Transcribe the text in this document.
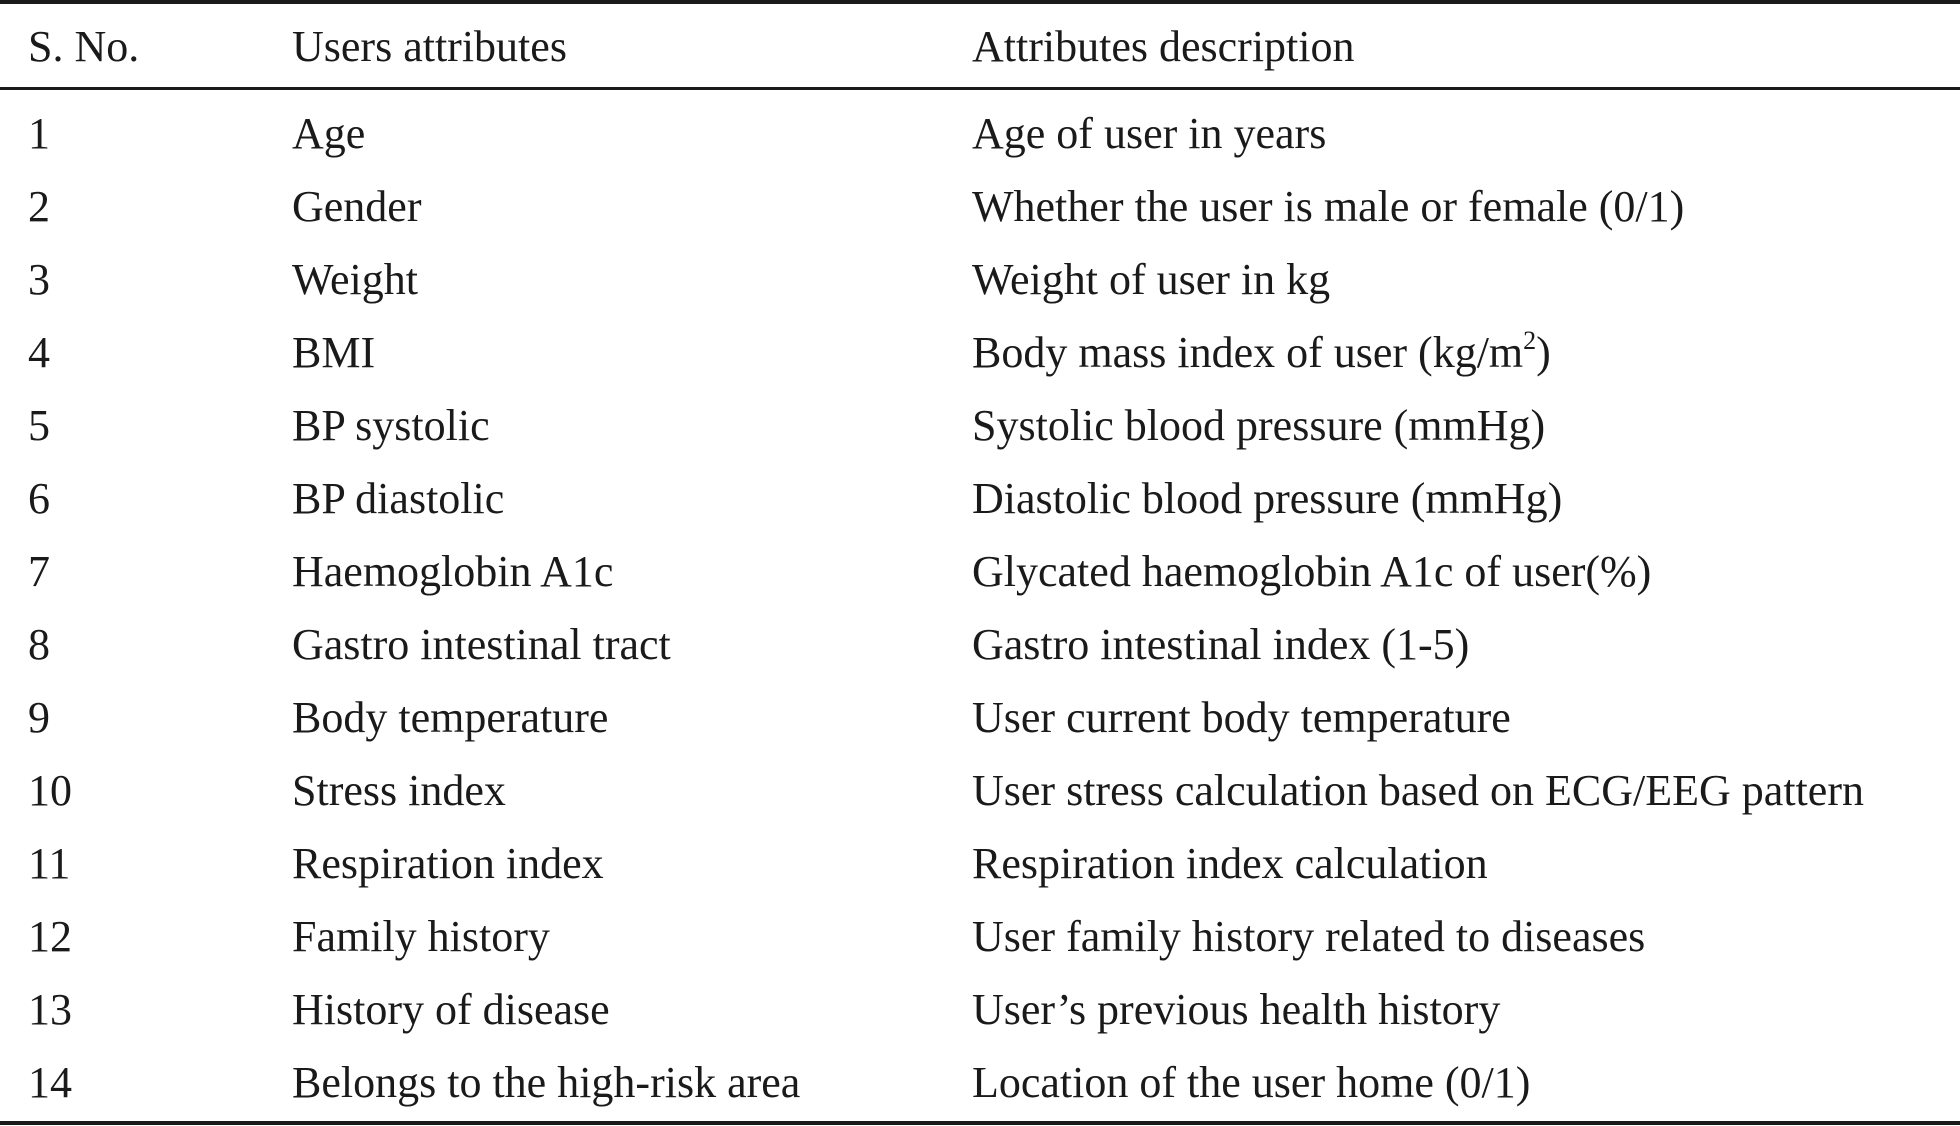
S. No.	Users attributes	Attributes description
1	Age	Age of user in years
2	Gender	Whether the user is male or female (0/1)
3	Weight	Weight of user in kg
4	BMI	Body mass index of user $(kg/m^2)$
5	BP systolic	Systolic blood pressure (mmHg)
6	BP diastolic	Diastolic blood pressure (mmHg)
7	Haemoglobin A1c	Glycated haemoglobin A1c of user(%)
8	Gastro intestinal tract	Gastro intestinal index (1-5)
9	Body temperature	User current body temperature
10	Stress index	User stress calculation based on ECG/EEG pattern
11	Respiration index	Respiration index calculation
12	Family history	User family history related to diseases
13	History of disease	User’s previous health history
14	Belongs to the high-risk area	Location of the user home (0/1)
